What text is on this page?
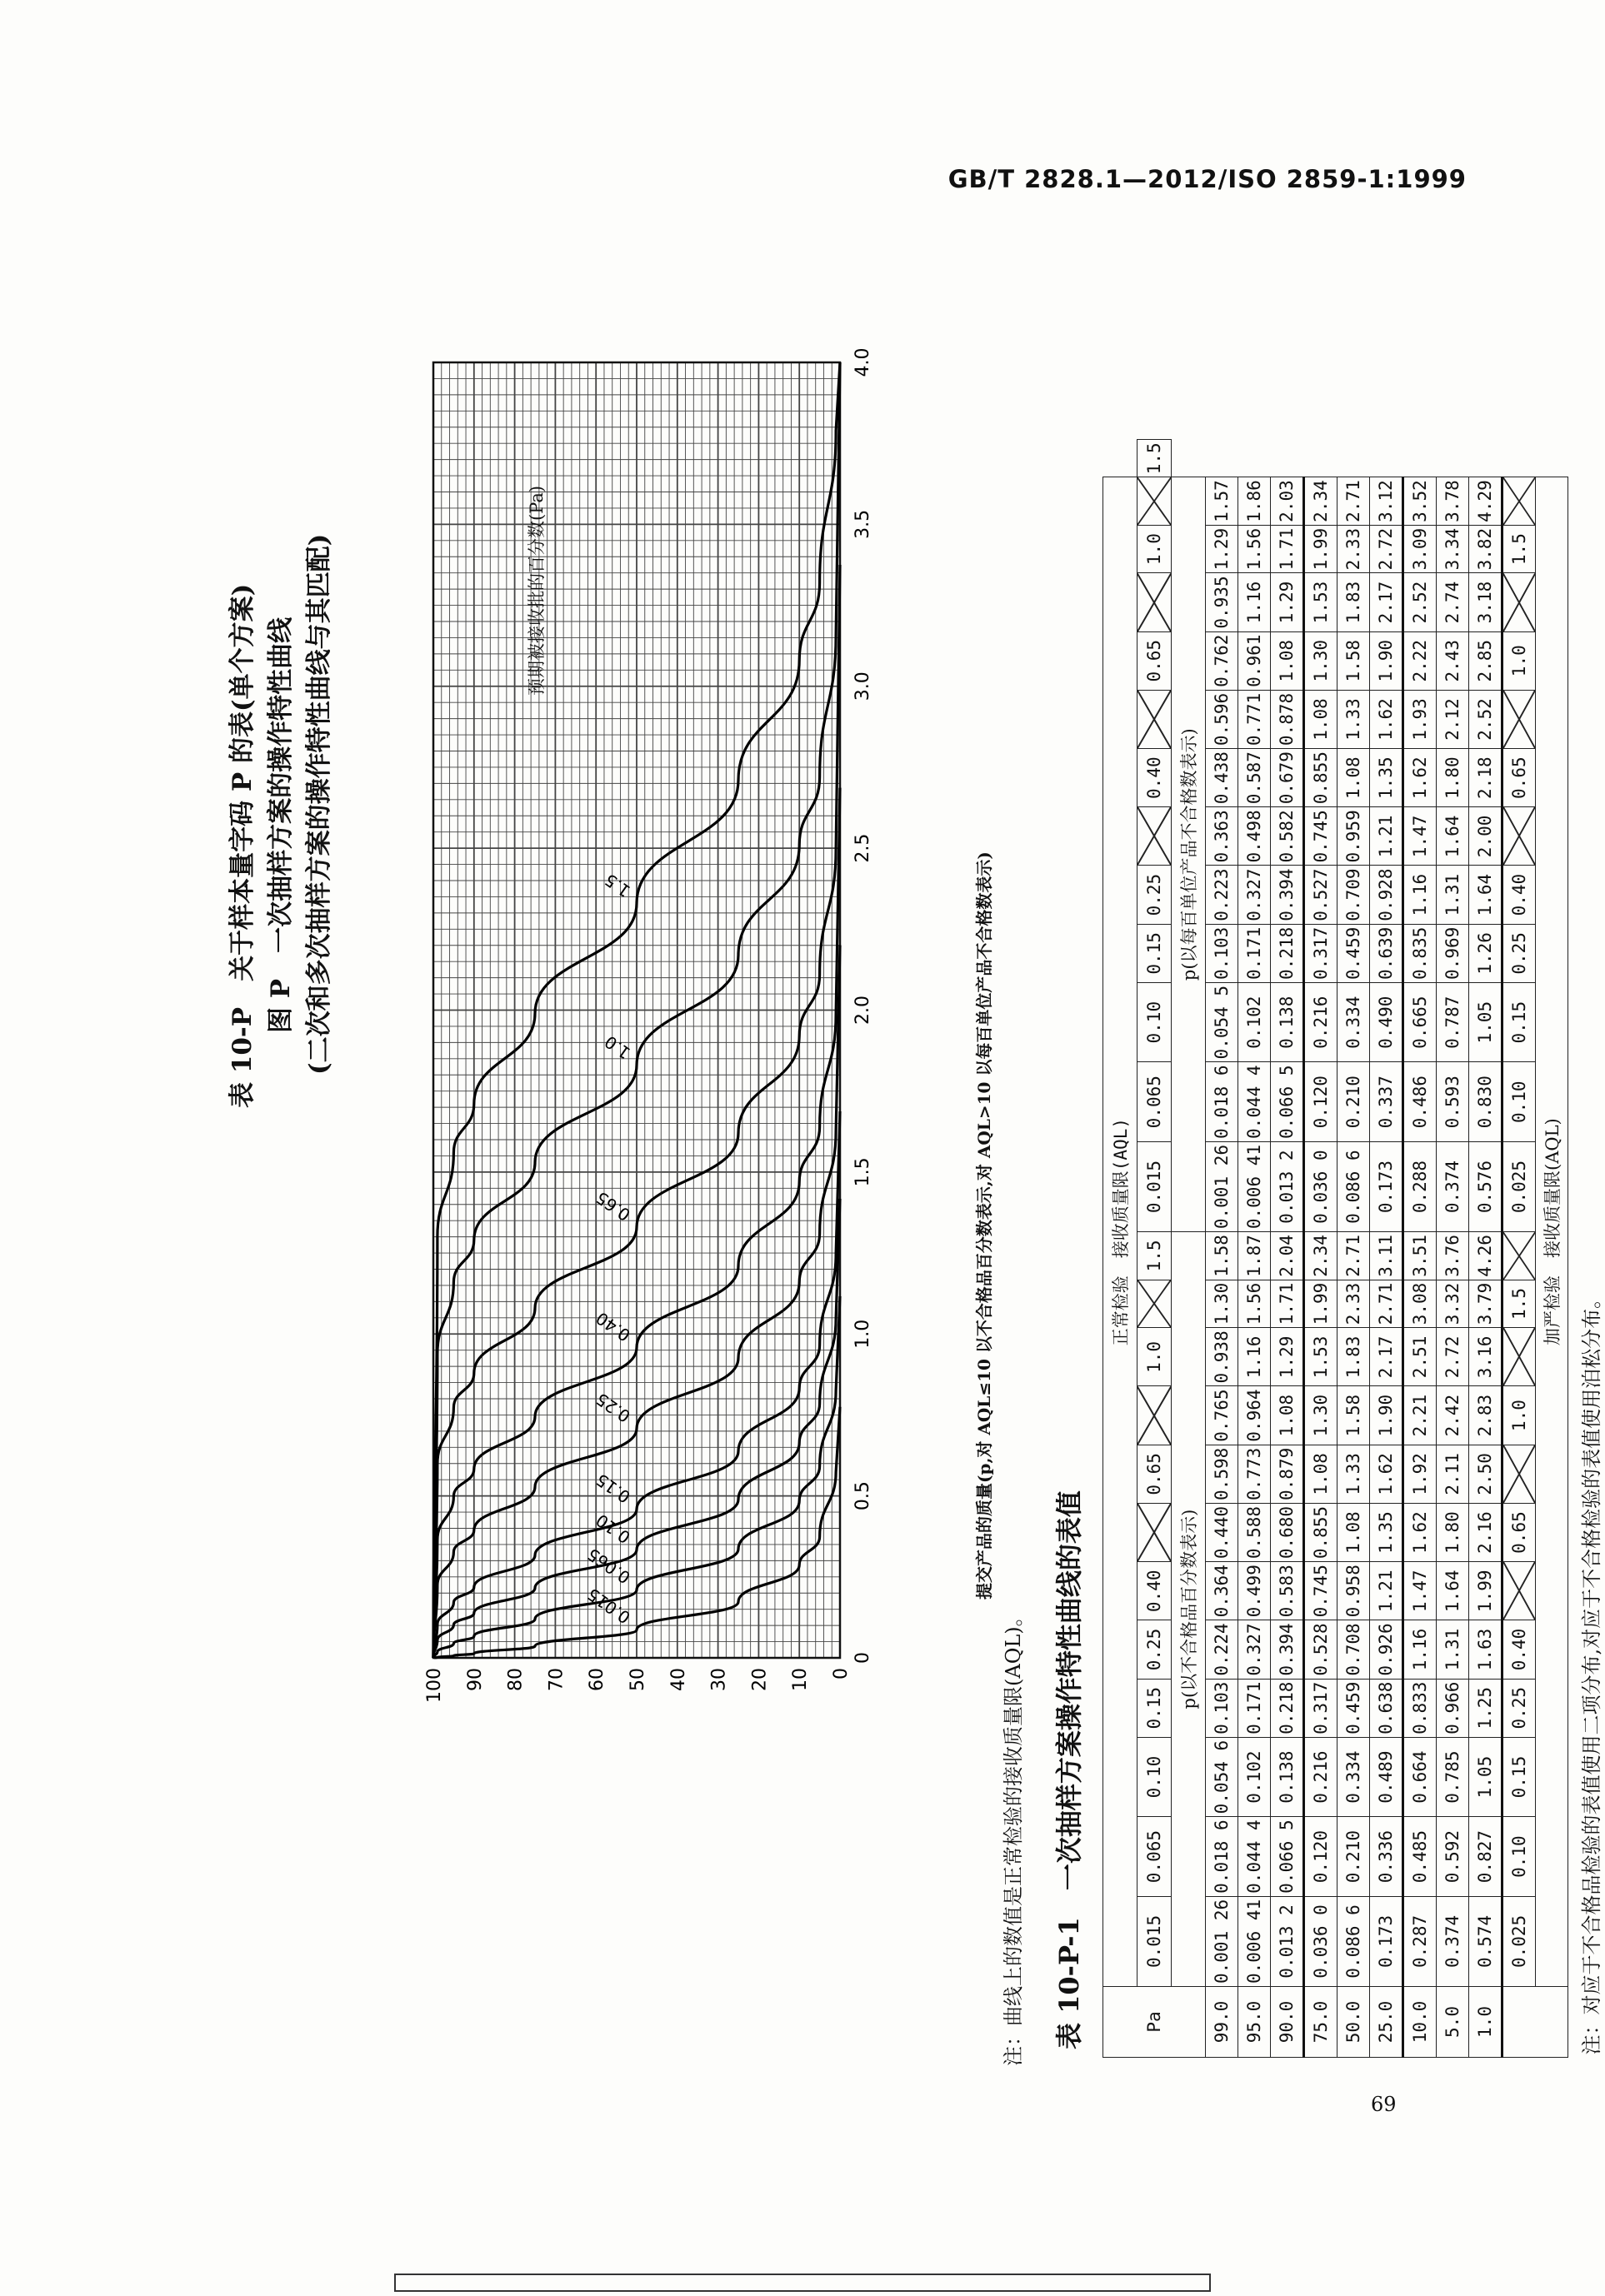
GB/T 2828.1—2012/ISO 2859-1:1999
表 10-P　关于样本量字码 P 的表(单个方案) 图 P　一次抽样方案的操作特性曲线 (二次和多次抽样方案的操作特性曲线与其匹配)
0
0.5
1.0
1.5
2.0
2.5
3.0
3.5
4.0
0
10
20
30
40
50
60
70
80
90
100
0.015
0.065
0.10
0.15
0.25
0.40
0.65
1.0
1.5
预期被接收批的百分数(Pa)
提交产品的质量(p,对 AQL≤10 以不合格品百分数表示,对 AQL>10 以每百单位产品不合格数表示)
注：曲线上的数值是正常检验的接收质量限(AQL)。 表 10-P-1　一次抽样方案操作特性曲线的表值	Pa	正常检验　接收质量限(AQL)																								
	0.015	0.065	0.10	0.15	0.25	0.40		0.65		1.0		1.5	0.015	0.065	0.10	0.15	0.25		0.40		0.65		1.0		1.5
	p(以不合格品百分数表示)												p(以每百单位产品不合格数表示)												
99.0	0.001 26	0.018 6	0.054 6	0.103	0.224	0.364	0.440	0.598	0.765	0.938	1.30	1.58	0.001 26	0.018 6	0.054 5	0.103	0.223	0.363	0.438	0.596	0.762	0.935	1.29	1.57	
95.0	0.006 41	0.044 4	0.102	0.171	0.327	0.499	0.588	0.773	0.964	1.16	1.56	1.87	0.006 41	0.044 4	0.102	0.171	0.327	0.498	0.587	0.771	0.961	1.16	1.56	1.86	
90.0	0.013 2	0.066 5	0.138	0.218	0.394	0.583	0.680	0.879	1.08	1.29	1.71	2.04	0.013 2	0.066 5	0.138	0.218	0.394	0.582	0.679	0.878	1.08	1.29	1.71	2.03	
75.0	0.036 0	0.120	0.216	0.317	0.528	0.745	0.855	1.08	1.30	1.53	1.99	2.34	0.036 0	0.120	0.216	0.317	0.527	0.745	0.855	1.08	1.30	1.53	1.99	2.34	
50.0	0.086 6	0.210	0.334	0.459	0.708	0.958	1.08	1.33	1.58	1.83	2.33	2.71	0.086 6	0.210	0.334	0.459	0.709	0.959	1.08	1.33	1.58	1.83	2.33	2.71	
25.0	0.173	0.336	0.489	0.638	0.926	1.21	1.35	1.62	1.90	2.17	2.71	3.11	0.173	0.337	0.490	0.639	0.928	1.21	1.35	1.62	1.90	2.17	2.72	3.12	
10.0	0.287	0.485	0.664	0.833	1.16	1.47	1.62	1.92	2.21	2.51	3.08	3.51	0.288	0.486	0.665	0.835	1.16	1.47	1.62	1.93	2.22	2.52	3.09	3.52	
5.0	0.374	0.592	0.785	0.966	1.31	1.64	1.80	2.11	2.42	2.72	3.32	3.76	0.374	0.593	0.787	0.969	1.31	1.64	1.80	2.12	2.43	2.74	3.34	3.78	
1.0	0.574	0.827	1.05	1.25	1.63	1.99	2.16	2.50	2.83	3.16	3.79	4.26	0.576	0.830	1.05	1.26	1.64	2.00	2.18	2.52	2.85	3.18	3.82	4.29	
	0.025	0.10	0.15	0.25	0.40		0.65		1.0		1.5		0.025	0.10	0.15	0.25	0.40		0.65		1.0		1.5	

	加严检验　接收质量限(AQL)																								
注：对应于不合格品检验的表值使用二项分布,对应于不合格检验的表值使用泊松分布。																									
69
